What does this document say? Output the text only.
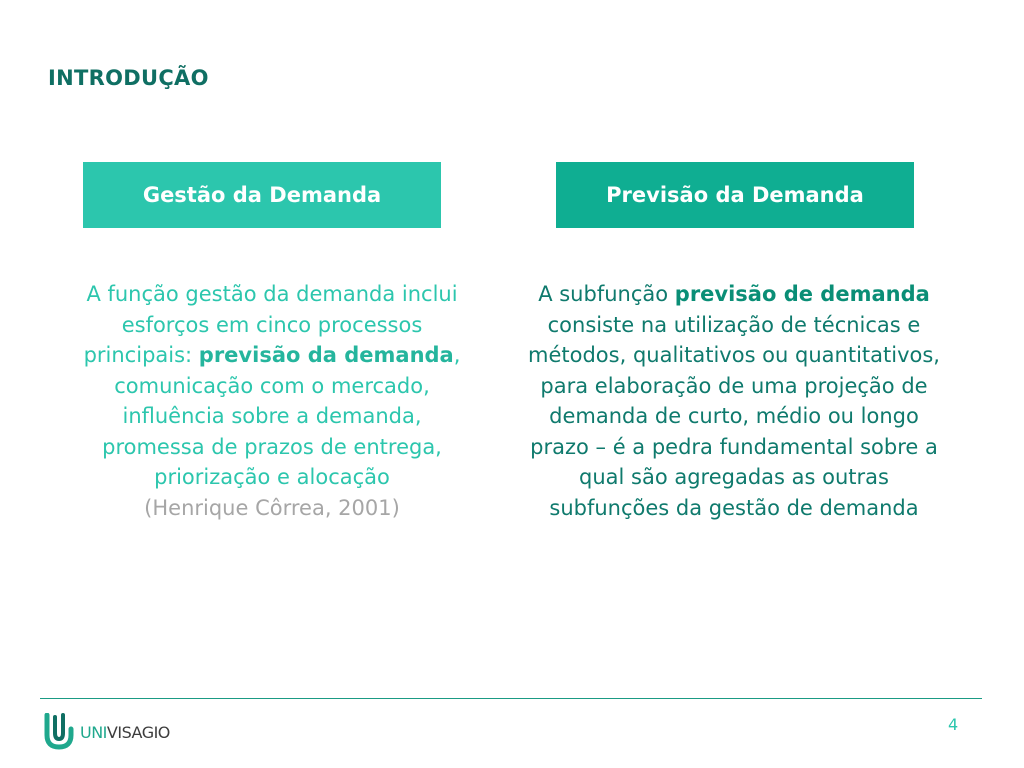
INTRODUÇÃO
Gestão da Demanda	Previsão da Demanda
A função gestão da demanda inclui
esforços em cinco processos
principais: previsão da demanda,
comunicação com o mercado,
influência sobre a demanda,
promessa de prazos de entrega,
priorização e alocação
(Henrique Côrrea, 2001)
A subfunção previsão de demanda
consiste na utilização de técnicas e
métodos, qualitativos ou quantitativos,
para elaboração de uma projeção de
demanda de curto, médio ou longo
prazo – é a pedra fundamental sobre a
qual são agregadas as outras
subfunções da gestão de demanda
UNIVISAGIO	4
